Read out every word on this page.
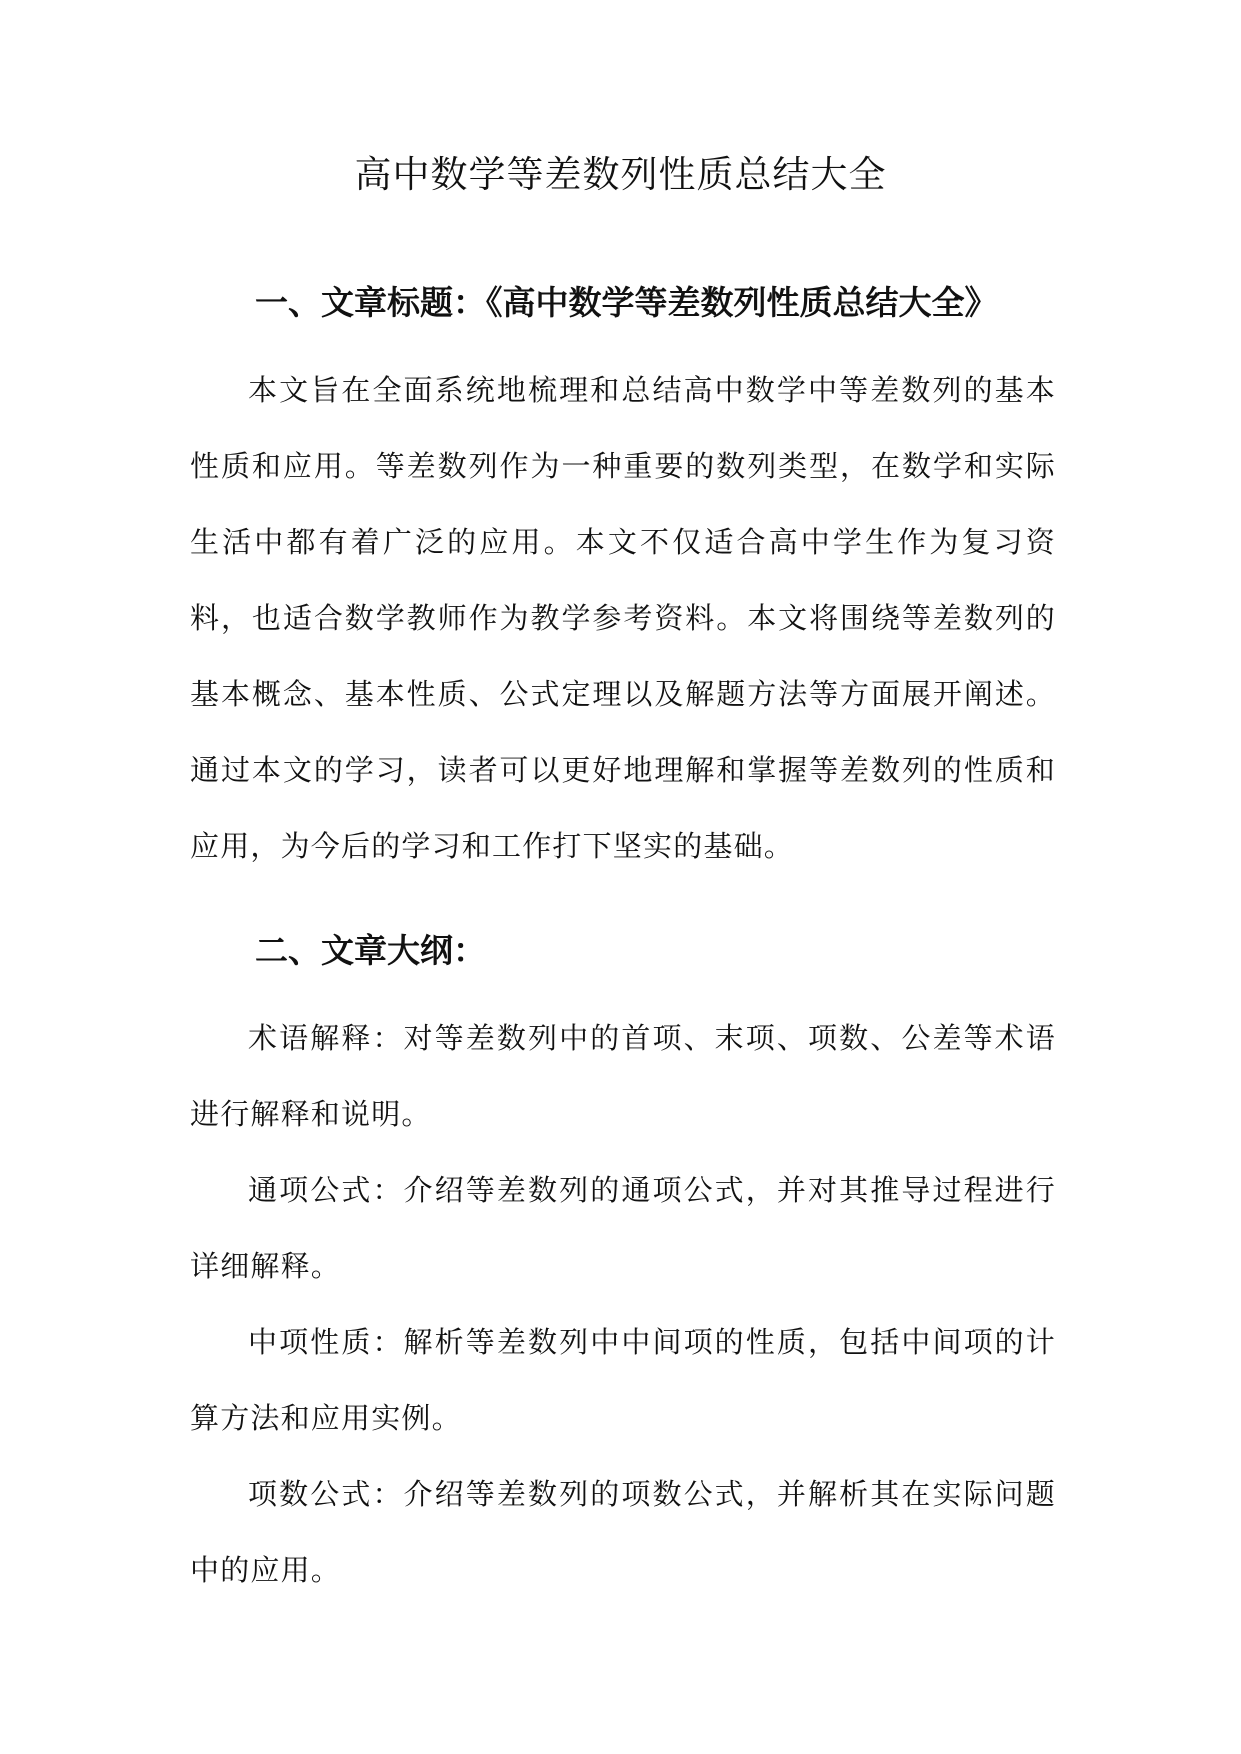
高中数学等差数列性质总结大全
一、文章标题：《高中数学等差数列性质总结大全》

本文旨在全面系统地梳理和总结高中数学中等差数列的基本性质和应用。等差数列作为一种重要的数列类型，在数学和实际生活中都有着广泛的应用。本文不仅适合高中学生作为复习资料，也适合数学教师作为教学参考资料。本文将围绕等差数列的基本概念、基本性质、公式定理以及解题方法等方面展开阐述。通过本文的学习，读者可以更好地理解和掌握等差数列的性质和应用，为今后的学习和工作打下坚实的基础。

二、文章大纲：

术语解释：对等差数列中的首项、末项、项数、公差等术语进行解释和说明。

通项公式：介绍等差数列的通项公式，并对其推导过程进行详细解释。

中项性质：解析等差数列中中间项的性质，包括中间项的计算方法和应用实例。

项数公式：介绍等差数列的项数公式，并解析其在实际问题中的应用。
